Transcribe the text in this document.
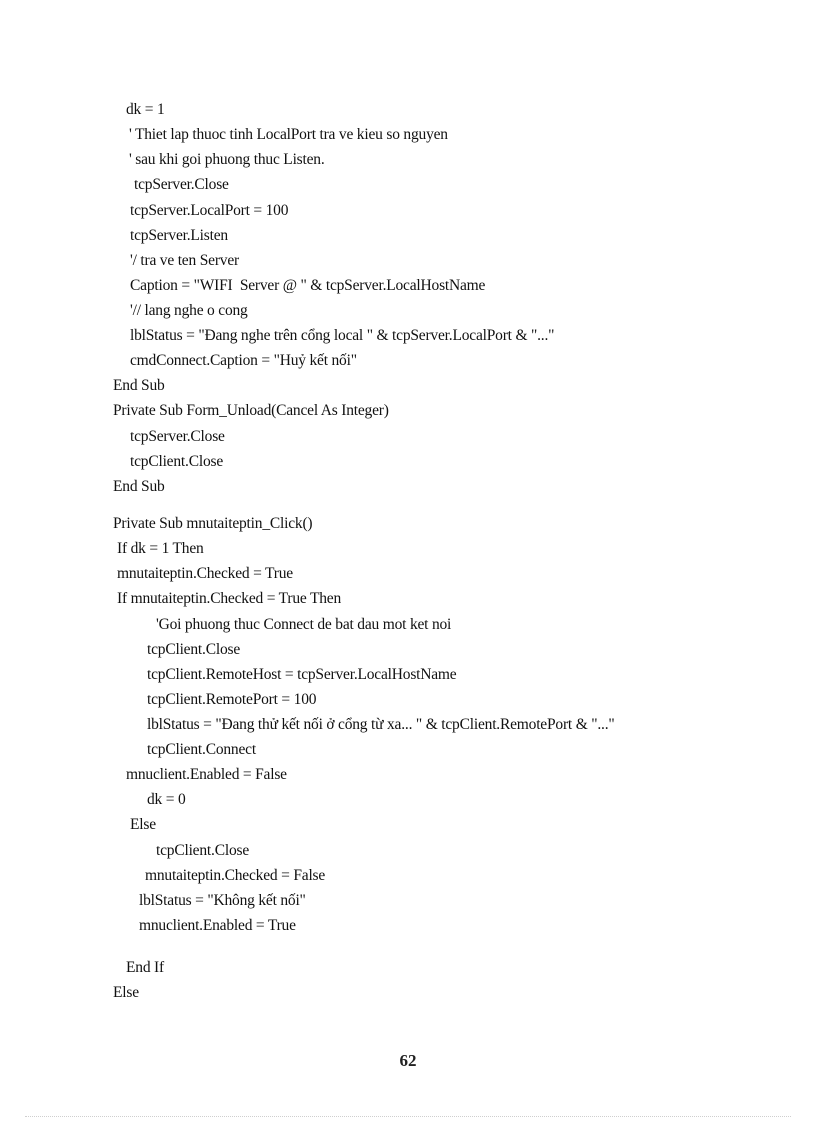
dk = 1
' Thiet lap thuoc tinh LocalPort tra ve kieu so nguyen
' sau khi goi phuong thuc Listen.
tcpServer.Close
tcpServer.LocalPort = 100
tcpServer.Listen
'/ tra ve ten Server
Caption = "WIFI  Server @ " & tcpServer.LocalHostName
'// lang nghe o cong
lblStatus = "Đang nghe trên cổng local " & tcpServer.LocalPort & "..."
cmdConnect.Caption = "Huỷ kết nối"
End Sub
Private Sub Form_Unload(Cancel As Integer)
tcpServer.Close
tcpClient.Close
End Sub
Private Sub mnutaiteptin_Click()
If dk = 1 Then
mnutaiteptin.Checked = True
If mnutaiteptin.Checked = True Then
'Goi phuong thuc Connect de bat dau mot ket noi
tcpClient.Close
tcpClient.RemoteHost = tcpServer.LocalHostName
tcpClient.RemotePort = 100
lblStatus = "Đang thử kết nối ở cổng từ xa... " & tcpClient.RemotePort & "..."
tcpClient.Connect
mnuclient.Enabled = False
dk = 0
Else
tcpClient.Close
mnutaiteptin.Checked = False
lblStatus = "Không kết nối"
mnuclient.Enabled = True
End If
Else
62
